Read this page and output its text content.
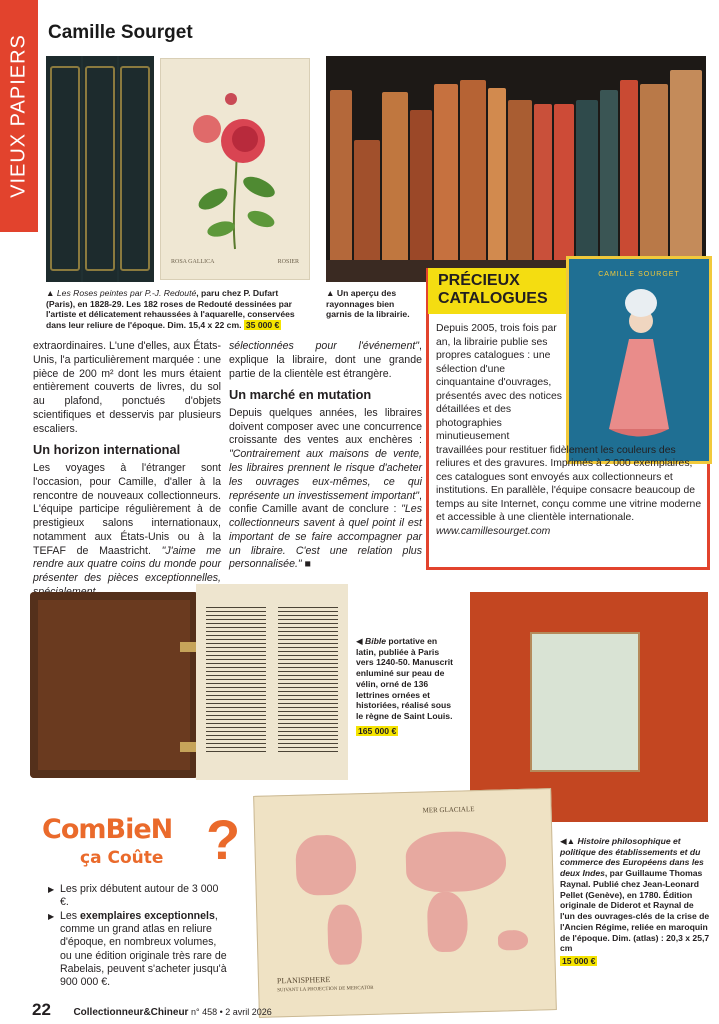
VIEUX PAPIERS
Camille Sourget
ROSA GALLICA	ROSIER
▲ Les Roses peintes par P.-J. Redouté, paru chez P. Dufart (Paris), en 1828-29. Les 182 roses de Redouté dessinées par l'artiste et délicatement rehaussées à l'aquarelle, conservées dans leur reliure de l'époque. Dim. 15,4 x 22 cm. 35 000 €
▲ Un aperçu des rayonnages bien garnis de la librairie.

extraordinaires. L'une d'elles, aux États-Unis, l'a particulièrement marquée : une pièce de 200 m² dont les murs étaient entièrement couverts de livres, du sol au plafond, ponctués d'objets scientifiques et desservis par plusieurs escaliers.

Un horizon international

Les voyages à l'étranger sont l'occasion, pour Camille, d'aller à la rencontre de nouveaux collectionneurs. L'équipe participe régulièrement à de prestigieux salons internationaux, notamment aux États-Unis ou à la TEFAF de Maastricht. "J'aime me rendre aux quatre coins du monde pour présenter des pièces exceptionnelles,

sélectionnées pour l'événement", explique la libraire, dont une grande partie de la clientèle est étrangère.

Un marché en mutation

Depuis quelques années, les libraires doivent composer avec une concurrence croissante des ventes aux enchères : "Contrairement aux maisons de vente, les libraires prennent le risque d'acheter les ouvrages eux-mêmes, ce qui représente un investissement important", confie Camille avant de conclure : "Les collectionneurs savent à quel point il est important de se faire accompagner par un libraire. C'est une relation plus personnalisée." ■

PRÉCIEUX
CATALOGUES
CAMILLE SOURGET
Depuis 2005, trois fois par an, la librairie publie ses propres catalogues : une sélection d'une cinquantaine d'ouvrages, présentés avec des notices détaillées et des photographies minutieusement
travaillées pour restituer fidèlement les couleurs des reliures et des gravures. Imprimés à 2 000 exemplaires, ces catalogues sont envoyés aux collectionneurs et institutions. En parallèle, l'équipe consacre beaucoup de temps au site Internet, conçu comme une vitrine moderne et accessible à une clientèle internationale.
www.camillesourget.com
◀ Bible portative en latin, publiée à Paris vers 1240-50. Manuscrit enluminé sur peau de vélin, orné de 136 lettrines ornées et historiées, réalisé sous le règne de Saint Louis.
165 000 €
MER GLACIALE
PLANISPHERE
SUIVANT LA PROJECTION DE MERCATOR
◀▲ Histoire philosophique et politique des établissements et du commerce des Européens dans les deux Indes, par Guillaume Thomas Raynal. Publié chez Jean-Leonard Pellet (Genève), en 1780. Édition originale de Diderot et Raynal de l'un des ouvrages-clés de la crise de l'Ancien Régime, reliée en maroquin de l'époque. Dim. (atlas) : 20,3 x 25,7 cm
15 000 €
ComBieN
ça Coûte ?
▶ Les prix débutent autour de 3 000 €.
▶ Les exemplaires exceptionnels, comme un grand atlas en reliure d'époque, en nombreux volumes, ou une édition originale très rare de Rabelais, peuvent s'acheter jusqu'à 900 000 €.
22 Collectionneur&Chineur n° 458 • 2 avril 2026
